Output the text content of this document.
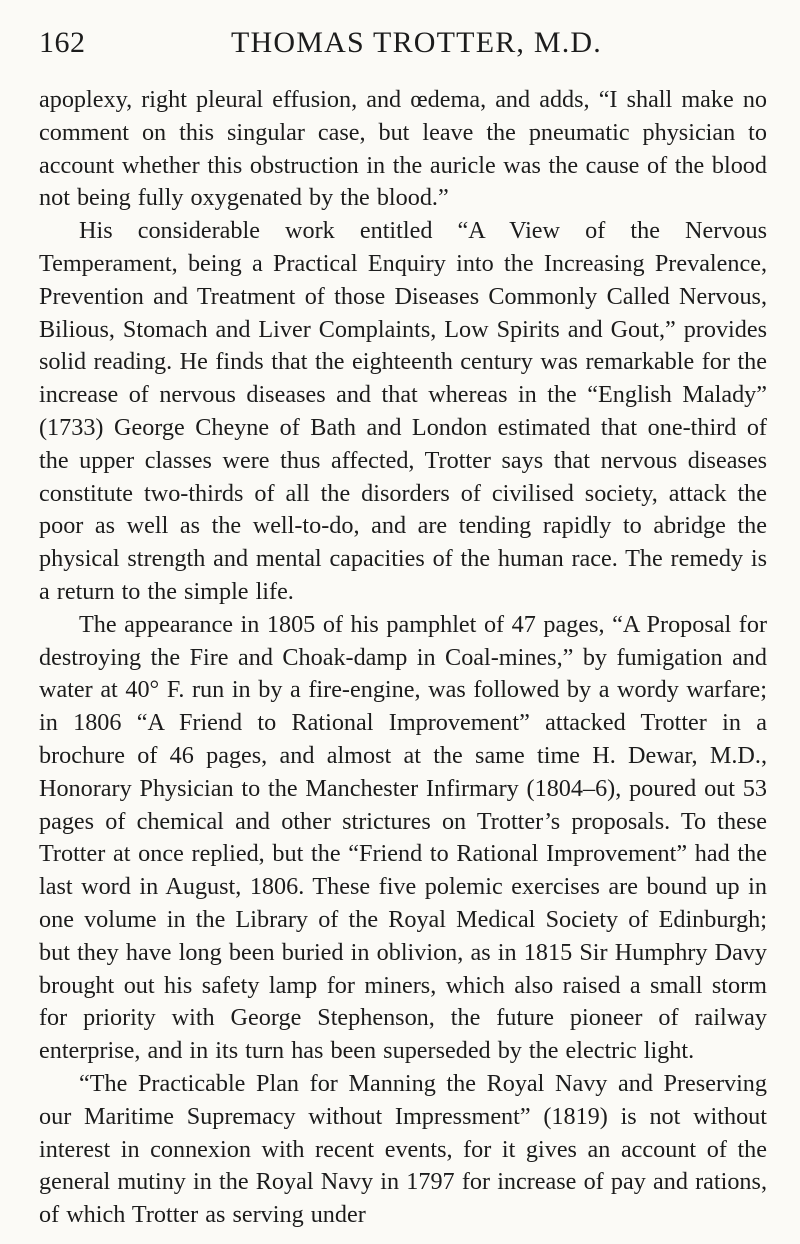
162	THOMAS TROTTER, M.D.

apoplexy, right pleural effusion, and œdema, and adds, “I shall make no comment on this singular case, but leave the pneumatic physician to account whether this obstruction in the auricle was the cause of the blood not being fully oxygenated by the blood.”

His considerable work entitled “A View of the Nervous Temperament, being a Practical Enquiry into the Increasing Prevalence, Prevention and Treatment of those Diseases Commonly Called Nervous, Bilious, Stomach and Liver Complaints, Low Spirits and Gout,” provides solid reading. He finds that the eighteenth century was remarkable for the increase of nervous diseases and that whereas in the “English Malady” (1733) George Cheyne of Bath and London estimated that one-third of the upper classes were thus affected, Trotter says that nervous diseases constitute two-thirds of all the disorders of civilised society, attack the poor as well as the well-to-do, and are tending rapidly to abridge the physical strength and mental capacities of the human race. The remedy is a return to the simple life.

The appearance in 1805 of his pamphlet of 47 pages, “A Proposal for destroying the Fire and Choak-damp in Coal-mines,” by fumigation and water at 40° F. run in by a fire-engine, was followed by a wordy warfare; in 1806 “A Friend to Rational Improvement” attacked Trotter in a brochure of 46 pages, and almost at the same time H. Dewar, M.D., Honorary Physician to the Manchester Infirmary (1804–6), poured out 53 pages of chemical and other strictures on Trotter’s proposals. To these Trotter at once replied, but the “Friend to Rational Improvement” had the last word in August, 1806. These five polemic exercises are bound up in one volume in the Library of the Royal Medical Society of Edinburgh; but they have long been buried in oblivion, as in 1815 Sir Humphry Davy brought out his safety lamp for miners, which also raised a small storm for priority with George Stephenson, the future pioneer of railway enterprise, and in its turn has been superseded by the electric light.

“The Practicable Plan for Manning the Royal Navy and Preserving our Maritime Supremacy without Impressment” (1819) is not without interest in connexion with recent events, for it gives an account of the general mutiny in the Royal Navy in 1797 for increase of pay and rations, of which Trotter as serving under
